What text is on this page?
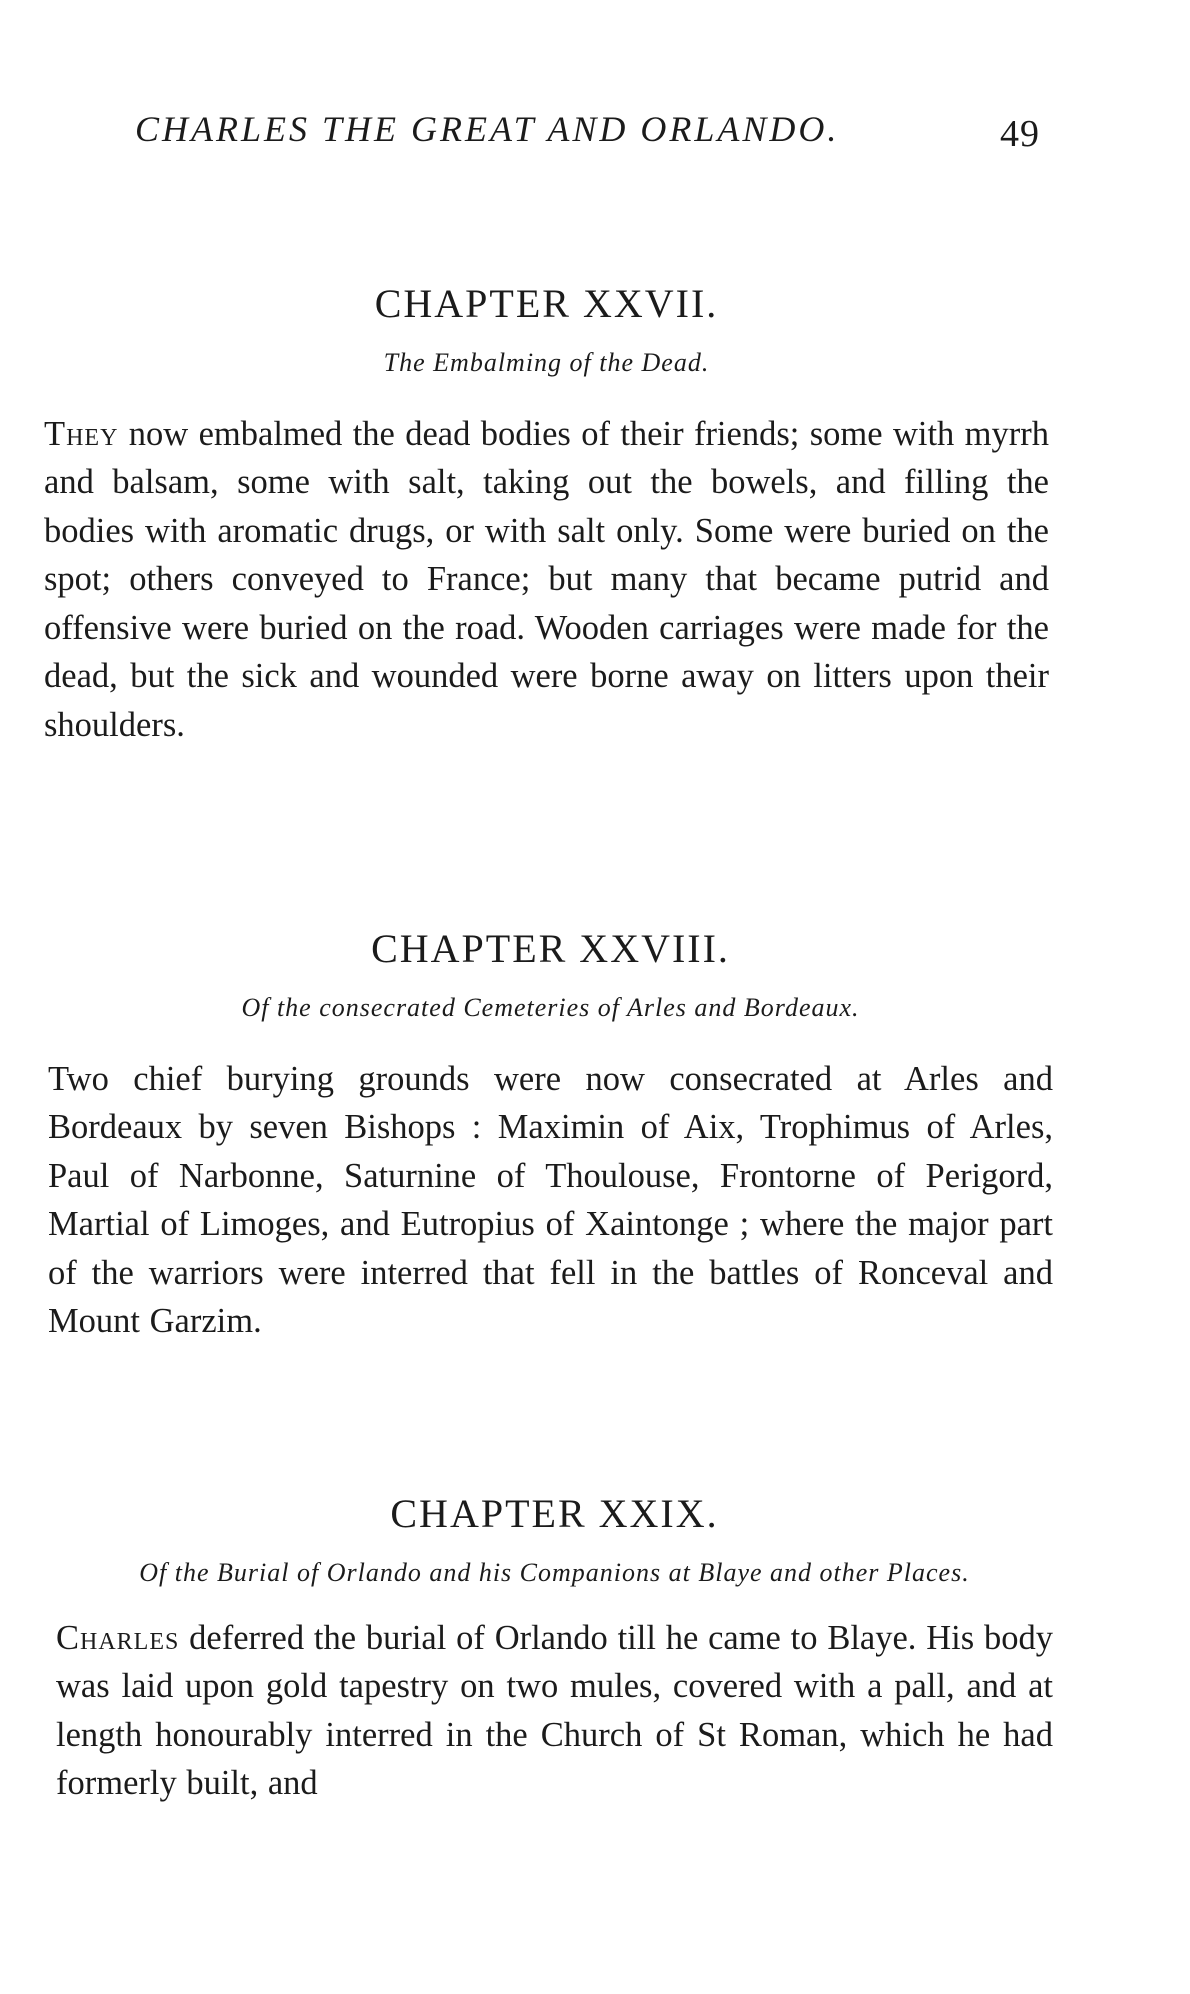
CHARLES THE GREAT AND ORLANDO.	49
CHAPTER XXVII.

The Embalming of the Dead.

They now embalmed the dead bodies of their friends; some with myrrh and balsam, some with salt, taking out the bowels, and filling the bodies with aromatic drugs, or with salt only. Some were buried on the spot; others conveyed to France; but many that became putrid and offensive were buried on the road. Wooden carriages were made for the dead, but the sick and wounded were borne away on litters upon their shoulders.

CHAPTER XXVIII.

Of the consecrated Cemeteries of Arles and Bordeaux.

Two chief burying grounds were now consecrated at Arles and Bordeaux by seven Bishops : Maximin of Aix, Trophimus of Arles, Paul of Narbonne, Saturnine of Thoulouse, Frontorne of Perigord, Martial of Limoges, and Eutropius of Xaintonge ; where the major part of the warriors were interred that fell in the battles of Ronceval and Mount Garzim.

CHAPTER XXIX.

Of the Burial of Orlando and his Companions at Blaye and other Places.

Charles deferred the burial of Orlando till he came to Blaye. His body was laid upon gold tapestry on two mules, covered with a pall, and at length honourably interred in the Church of St Roman, which he had formerly built, and
